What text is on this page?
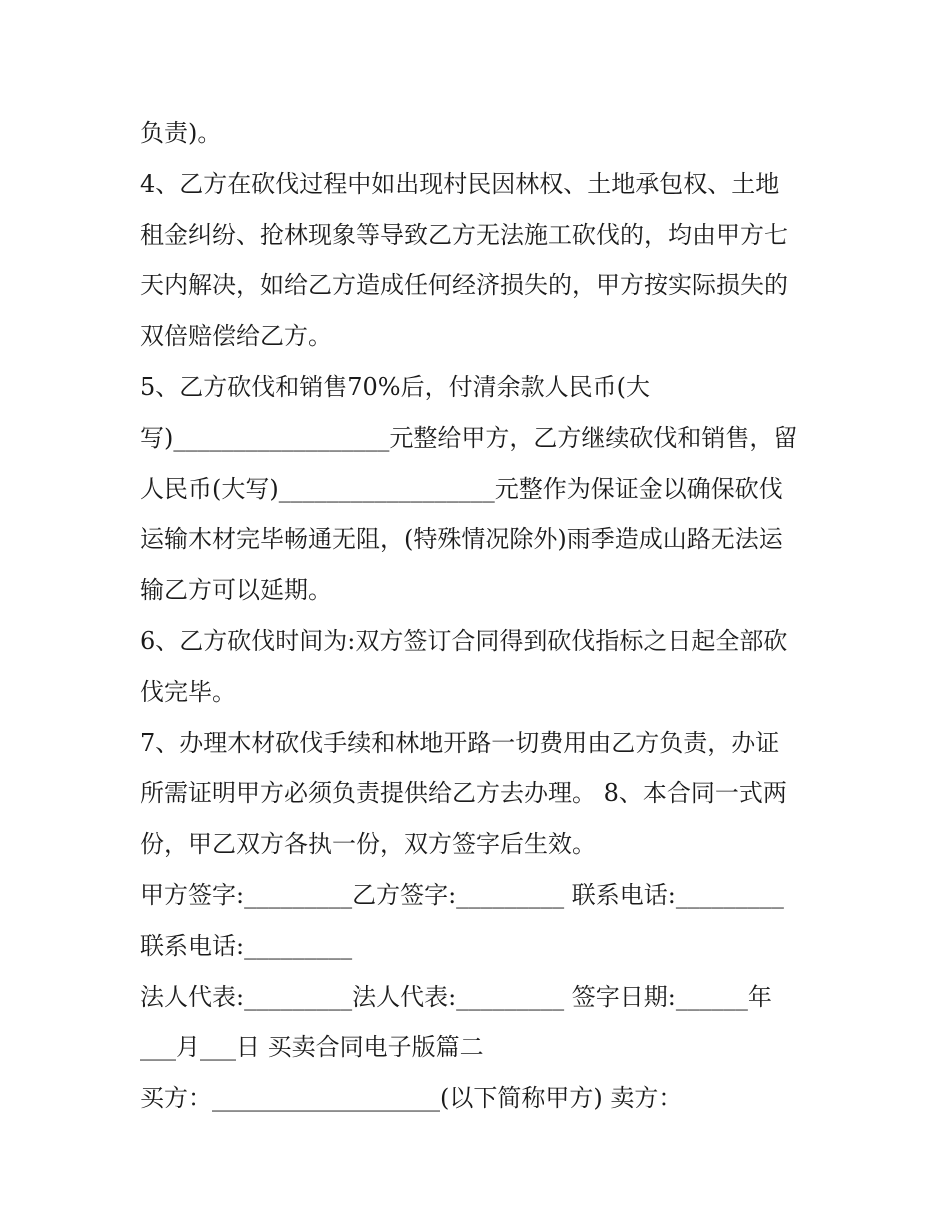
负责)。
4、乙方在砍伐过程中如出现村民因林权、土地承包权、土地
租金纠纷、抢林现象等导致乙方无法施工砍伐的，均由甲方七
天内解决，如给乙方造成任何经济损失的，甲方按实际损失的
双倍赔偿给乙方。
5、乙方砍伐和销售70%后，付清余款人民币(大
写)__________________元整给甲方，乙方继续砍伐和销售，留
人民币(大写)__________________元整作为保证金以确保砍伐
运输木材完毕畅通无阻，(特殊情况除外)雨季造成山路无法运
输乙方可以延期。
6、乙方砍伐时间为:双方签订合同得到砍伐指标之日起全部砍
伐完毕。
7、办理木材砍伐手续和林地开路一切费用由乙方负责，办证
所需证明甲方必须负责提供给乙方去办理。 8、本合同一式两
份，甲乙双方各执一份，双方签字后生效。
甲方签字:_________乙方签字:_________ 联系电话:_________
联系电话:_________
法人代表:_________法人代表:_________ 签字日期:______年
___月___日 买卖合同电子版篇二
买方：___________________(以下简称甲方) 卖方：
